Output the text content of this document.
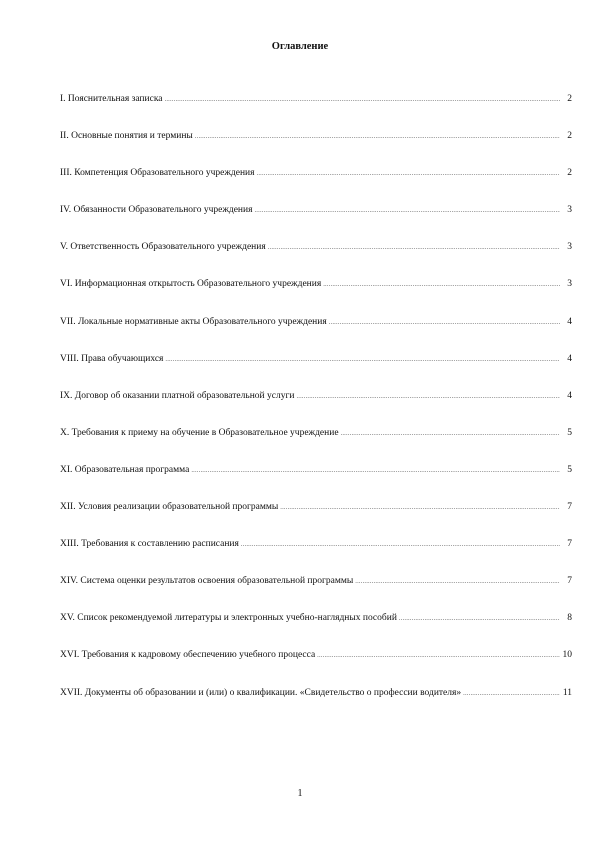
Оглавление
I. Пояснительная записка .....	2
II. Основные понятия и термины .....	2
III. Компетенция Образовательного учреждения .....	2
IV. Обязанности Образовательного учреждения .....	3
V. Ответственность Образовательного учреждения .....	3
VI. Информационная открытость Образовательного учреждения .....	3
VII. Локальные нормативные акты Образовательного учреждения .....	4
VIII. Права обучающихся .....	4
IX. Договор об оказании платной образовательной услуги .....	4
X. Требования к приему на обучение в Образовательное учреждение .....	5
XI. Образовательная программа .....	5
XII. Условия реализации образовательной программы .....	7
XIII. Требования к составлению расписания .....	7
XIV. Система оценки результатов освоения образовательной программы .....	7
XV. Список рекомендуемой литературы и электронных учебно-наглядных пособий .....	8
XVI. Требования к кадровому обеспечению учебного процесса .....	10
XVII. Документы об образовании и (или) о квалификации. «Свидетельство о профессии водителя» .....	11
1
